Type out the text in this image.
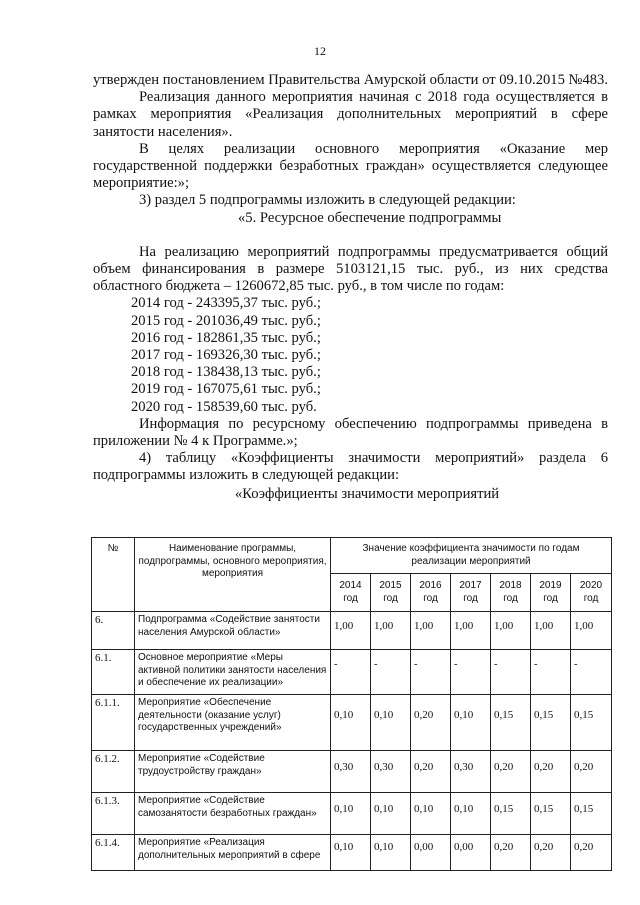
12

утвержден постановлением Правительства Амурской области от 09.10.2015 №483.

Реализация данного мероприятия начиная с 2018 года осуществляется в рамках мероприятия «Реализация дополнительных мероприятий в сфере занятости населения».

В целях реализации основного мероприятия «Оказание мер государственной поддержки безработных граждан» осуществляется следующее мероприятие:»;

3) раздел 5 подпрограммы изложить в следующей редакции:

«5. Ресурсное обеспечение подпрограммы

На реализацию мероприятий подпрограммы предусматривается общий объем финансирования в размере 5103121,15 тыс. руб., из них средства областного бюджета – 1260672,85 тыс. руб., в том числе по годам:

2014 год - 243395,37 тыс. руб.;

2015 год - 201036,49 тыс. руб.;

2016 год - 182861,35 тыс. руб.;

2017 год - 169326,30 тыс. руб.;

2018 год - 138438,13 тыс. руб.;

2019 год - 167075,61 тыс. руб.;

2020 год - 158539,60 тыс. руб.

Информация по ресурсному обеспечению подпрограммы приведена в приложении № 4 к Программе.»;

4) таблицу «Коэффициенты значимости мероприятий» раздела 6 подпрограммы изложить в следующей редакции:

«Коэффициенты значимости мероприятий

№	Наименование программы, подпрограммы, основного мероприятия, мероприятия	Значение коэффициента значимости по годам реализации мероприятий						
		2014 год	2015 год	2016 год	2017 год	2018 год	2019 год	2020 год
6.	Подпрограмма «Содействие занятости населения Амурской области»	1,00	1,00	1,00	1,00	1,00	1,00	1,00

6.1.	Основное мероприятие «Меры активной политики занятости населения и обеспечение их реализации»	-	-	-	-	-	-	-

6.1.1.	Мероприятие «Обеспечение деятельности (оказание услуг) государственных учреждений»	0,10	0,10	0,20	0,10	0,15	0,15	0,15

6.1.2.	Мероприятие «Содействие трудоустройству граждан»	0,30	0,30	0,20	0,30	0,20	0,20	0,20

6.1.3.	Мероприятие «Содействие самозанятости безработных граждан»	0,10	0,10	0,10	0,10	0,15	0,15	0,15

6.1.4.	Мероприятие «Реализация дополнительных мероприятий в сфере	0,10	0,10	0,00	0,00	0,20	0,20	0,20
